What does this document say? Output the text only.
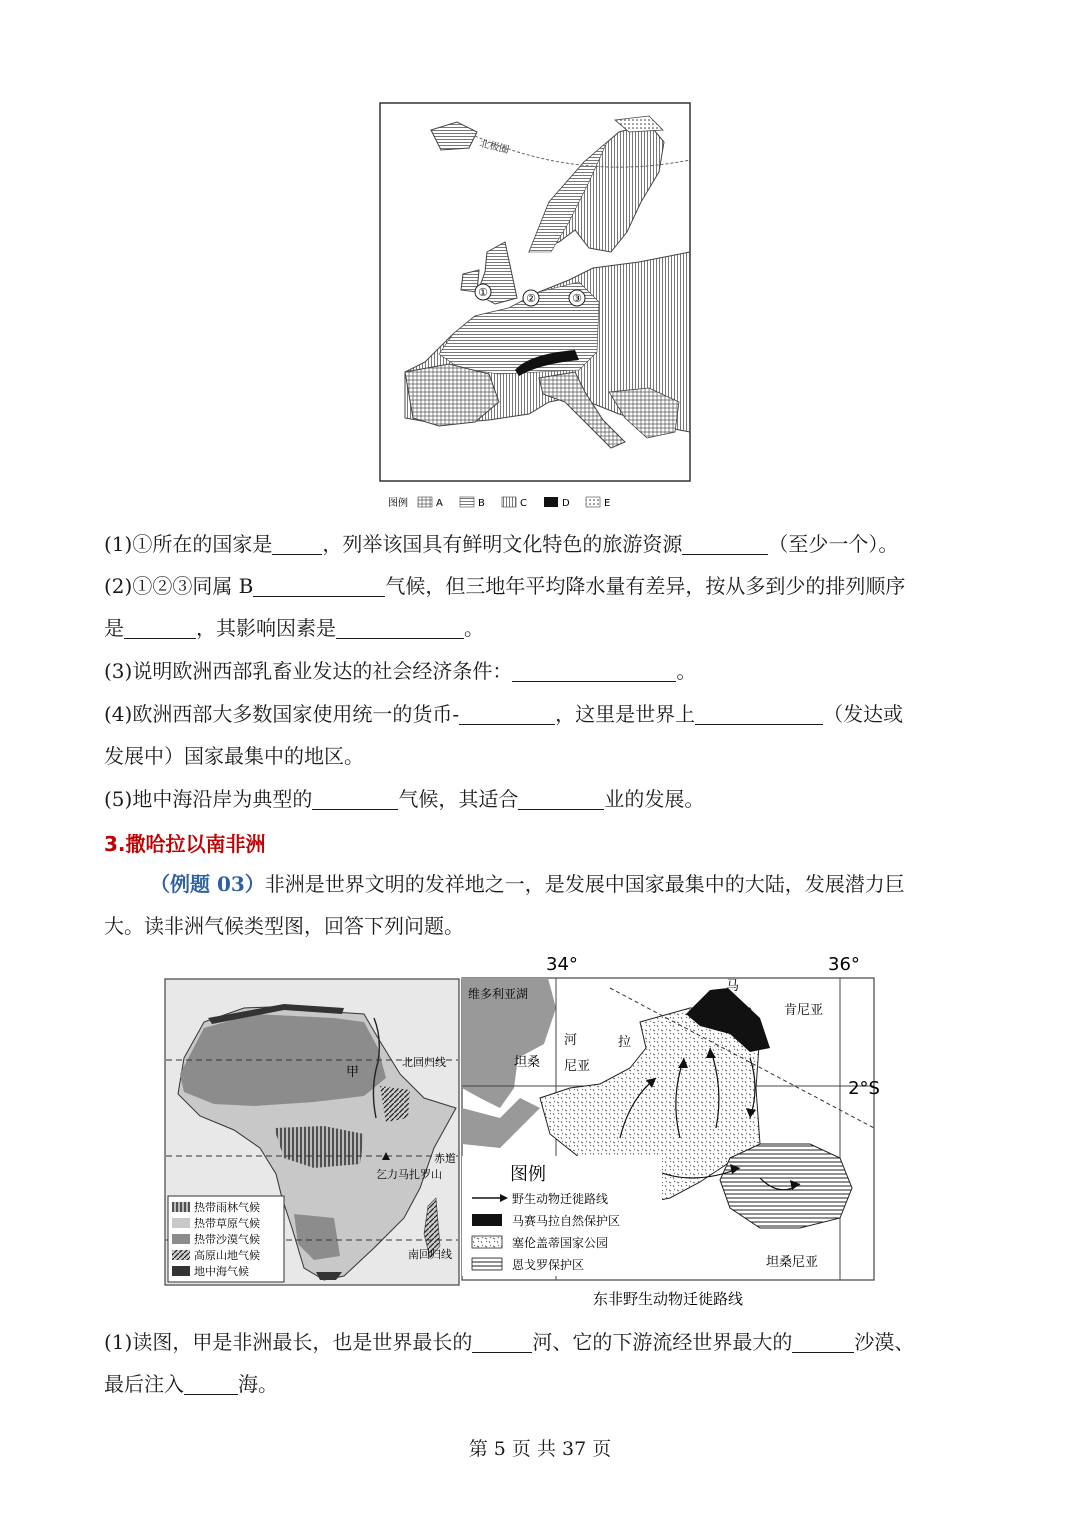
北极圈
①	②	③
图例	A	B	C	D	E
(1)①所在的国家是	，列举该国具有鲜明文化特色的旅游资源	（至少一个）。
(2)①②③同属 B	气候，但三地年平均降水量有差异，按从多到少的排列顺序
是	，其影响因素是	。
(3)说明欧洲西部乳畜业发达的社会经济条件：	。
(4)欧洲西部大多数国家使用统一的货币-	，这里是世界上	（发达或
发展中）国家最集中的地区。
(5)地中海沿岸为典型的	气候，其适合	业的发展。
3.撒哈拉以南非洲
（例题 03）非洲是世界文明的发祥地之一，是发展中国家最集中的大陆，发展潜力巨
大。读非洲气候类型图，回答下列问题。
甲
北回归线
赤道
乞力马扎罗山
南回归线
热带雨林气候
热带草原气候
热带沙漠气候
高原山地气候
地中海气候
34°	36°
维多利亚湖	马
肯尼亚
河	拉
坦桑 尼亚
2°S
坦桑尼亚
图例
野生动物迁徙路线
马赛马拉自然保护区
塞伦盖蒂国家公园
恩戈罗保护区
东非野生动物迁徙路线
(1)读图，甲是非洲最长，也是世界最长的	河、它的下游流经世界最大的	沙漠、
最后注入	海。
第 5 页 共 37 页
